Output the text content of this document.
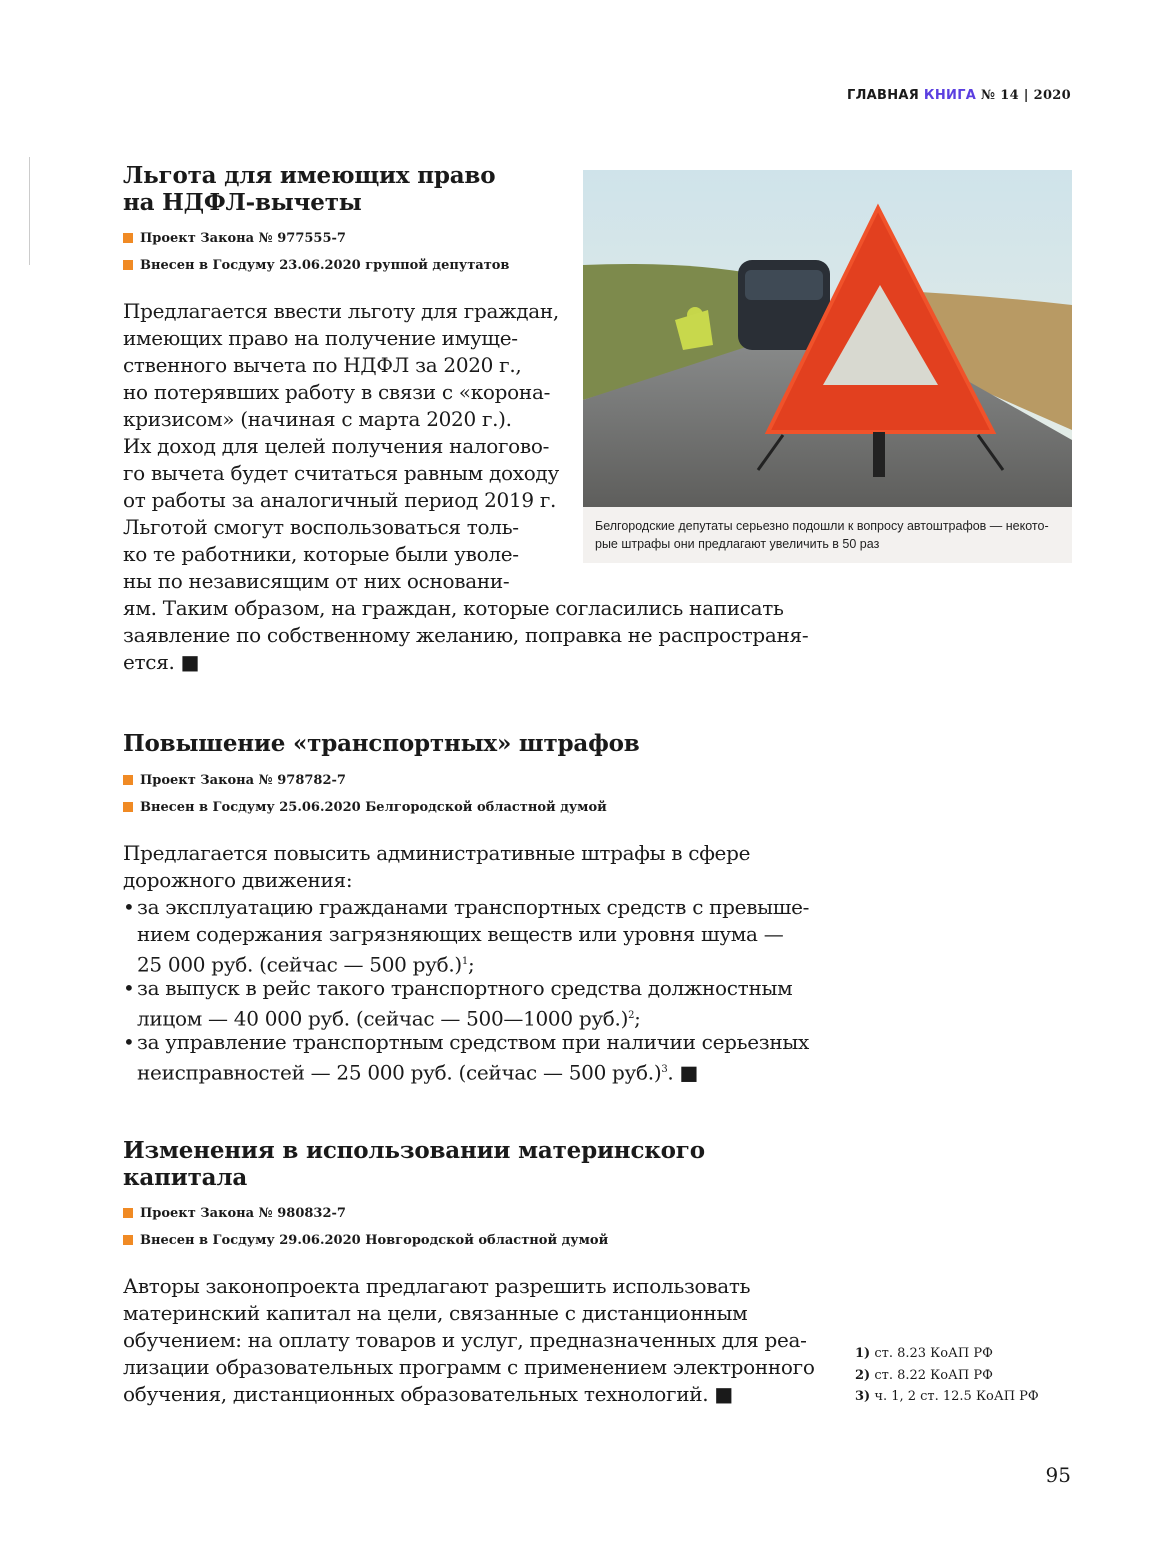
ГЛАВНАЯ КНИГА № 14 | 2020
Льгота для имеющих право
на НДФЛ-вычеты
Проект Закона № 977555-7
Внесен в Госдуму 23.06.2020 группой депутатов
Предлагается ввести льготу для граждан,
имеющих право на получение имуще-
ственного вычета по НДФЛ за 2020 г.,
но потерявших работу в связи с «корона-
кризисом» (начиная с марта 2020 г.).
Их доход для целей получения налогово-
го вычета будет считаться равным доходу
от работы за аналогичный период 2019 г.
Льготой смогут воспользоваться толь-
ко те работники, которые были уволе-
ны по независящим от них основани-
ям. Таким образом, на граждан, которые согласились написать
заявление по собственному желанию, поправка не распространя-
ется. ■
Белгородские депутаты серьезно подошли к вопросу автоштрафов — некото-
рые штрафы они предлагают увеличить в 50 раз
Повышение «транспортных» штрафов
Проект Закона № 978782-7
Внесен в Госдуму 25.06.2020 Белгородской областной думой
Предлагается повысить административные штрафы в сфере
дорожного движения:
• за эксплуатацию гражданами транспортных средств с превыше-
нием содержания загрязняющих веществ или уровня шума —
25 000 руб. (сейчас — 500 руб.)$^1$;
• за выпуск в рейс такого транспортного средства должностным
лицом — 40 000 руб. (сейчас — 500—1000 руб.)$^2$;
• за управление транспортным средством при наличии серьезных
неисправностей — 25 000 руб. (сейчас — 500 руб.)$^3$. ■
Изменения в использовании материнского
капитала
Проект Закона № 980832-7
Внесен в Госдуму 29.06.2020 Новгородской областной думой
Авторы законопроекта предлагают разрешить использовать
материнский капитал на цели, связанные с дистанционным
обучением: на оплату товаров и услуг, предназначенных для реа-
лизации образовательных программ с применением электронного
обучения, дистанционных образовательных технологий. ■
1) ст. 8.23 КоАП РФ
2) ст. 8.22 КоАП РФ
3) ч. 1, 2 ст. 12.5 КоАП РФ
95
